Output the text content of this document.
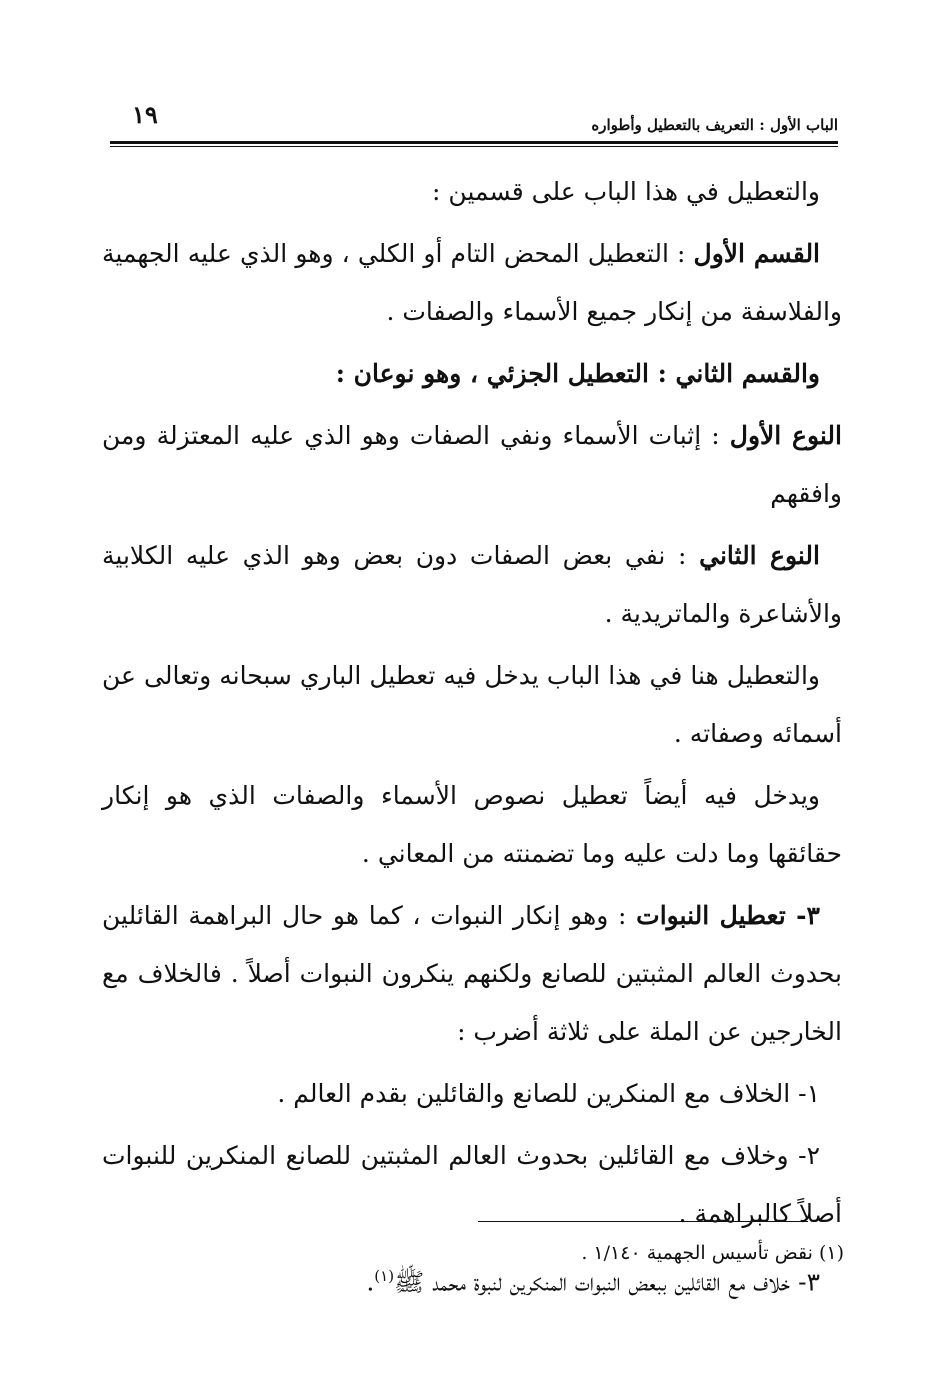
١٩	الباب الأول : التعريف بالتعطيل وأطواره

والتعطيل في هذا الباب على قسمين :

القسم الأول : التعطيل المحض التام أو الكلي ، وهو الذي عليه الجهمية والفلاسفة من إنكار جميع الأسماء والصفات .

والقسم الثاني : التعطيل الجزئي ، وهو نوعان :

النوع الأول : إثبات الأسماء ونفي الصفات وهو الذي عليه المعتزلة ومن وافقهم

النوع الثاني : نفي بعض الصفات دون بعض وهو الذي عليه الكلابية والأشاعرة والماتريدية .

والتعطيل هنا في هذا الباب يدخل فيه تعطيل الباري سبحانه وتعالى عن أسمائه وصفاته .

ويدخل فيه أيضاً تعطيل نصوص الأسماء والصفات الذي هو إنكار حقائقها وما دلت عليه وما تضمنته من المعاني .

٣- تعطيل النبوات : وهو إنكار النبوات ، كما هو حال البراهمة القائلين بحدوث العالم المثبتين للصانع ولكنهم ينكرون النبوات أصلاً . فالخلاف مع الخارجين عن الملة على ثلاثة أضرب :

١- الخلاف مع المنكرين للصانع والقائلين بقدم العالم .

٢- وخلاف مع القائلين بحدوث العالم المثبتين للصانع المنكرين للنبوات أصلاً كالبراهمة .

٣- خلاف مع القائلين ببعض النبوات المنكرين لنبوة محمد ﷺ$^{(١)}$.

(١) نقض تأسيس الجهمية ١/١٤٠ .
